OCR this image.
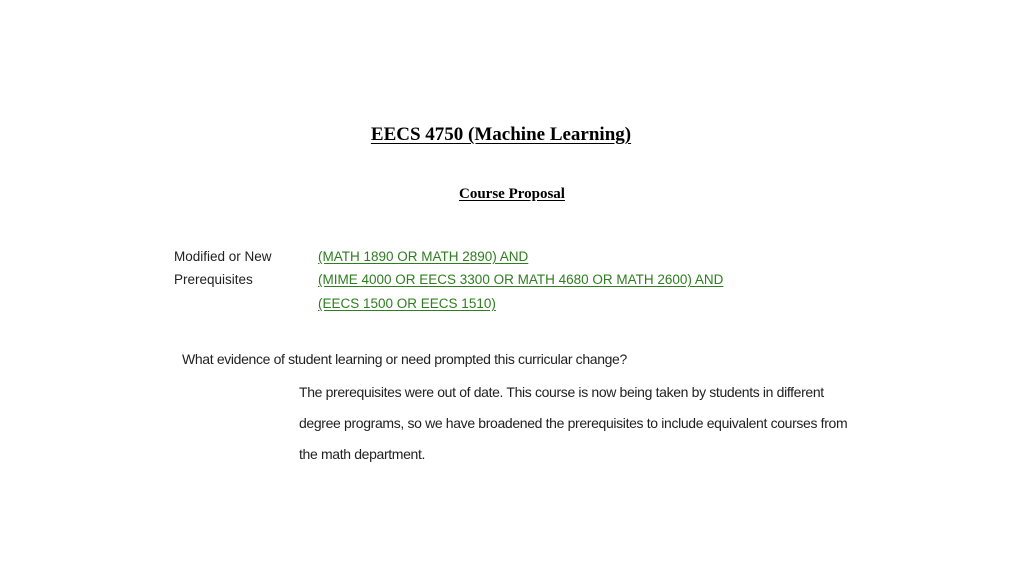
EECS 4750 (Machine Learning)
Course Proposal
Modified or New
Prerequisites
(MATH 1890 OR MATH 2890) AND
(MIME 4000 OR EECS 3300 OR MATH 4680 OR MATH 2600) AND
(EECS 1500 OR EECS 1510)
What evidence of student learning or need prompted this curricular change?
The prerequisites were out of date. This course is now being taken by students in different
degree programs, so we have broadened the prerequisites to include equivalent courses from
the math department.
